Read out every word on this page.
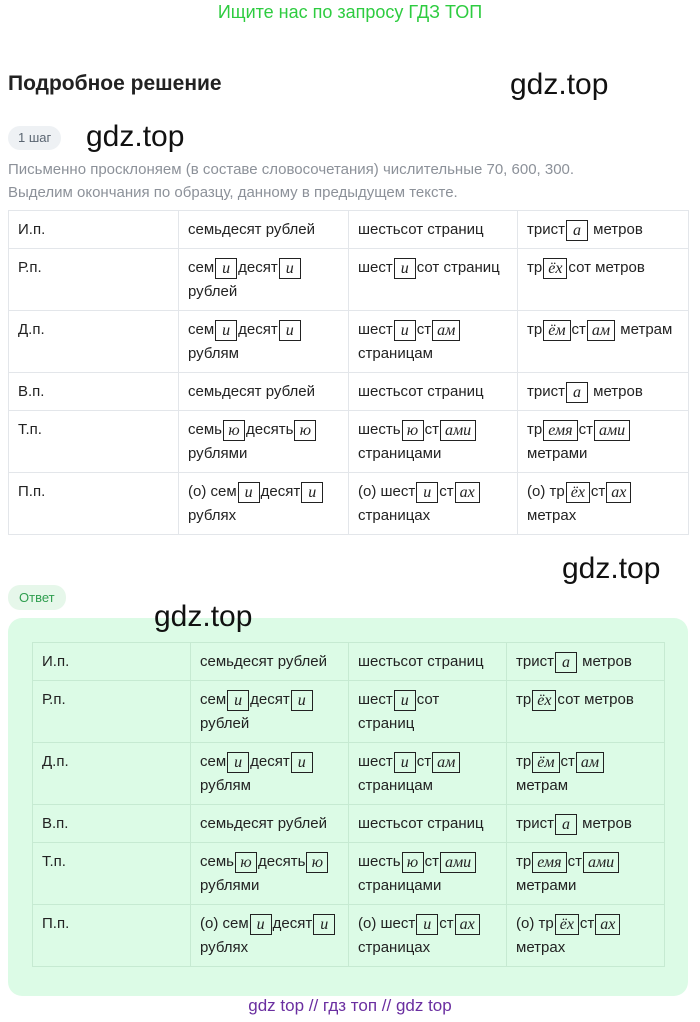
Ищите нас по запросу ГДЗ ТОП
Подробное решение	gdz.top
gdz.top
1 шаг
Письменно просклоняем (в составе словосочетания) числительные 70, 600, 300.
Выделим окончания по образцу, данному в предыдущем тексте.
И.п.	семьдесят рублей	шестьсот страниц	трист а метров
Р.п.	сем и десят и рублей	шест и сот страниц	тр ёх сот метров
Д.п.	сем и десят и рублям	шест и ст ам страницам	тр ём ст ам метрам
В.п.	семьдесят рублей	шестьсот страниц	трист а метров
Т.п.	семь ю десять ю рублями	шесть ю ст ами страницами	тр емя ст ами метрами
П.п.	(о) сем и десят и рублях	(о) шест и ст ах страницах	(о) тр ёх ст ах метрах
gdz.top
Ответ
gdz.top
И.п.	семьдесят рублей	шестьсот страниц	трист а метров
Р.п.	сем и десят и рублей	шест и сот страниц	тр ёх сот метров
Д.п.	сем и десят и рублям	шест и ст ам страницам	тр ём ст ам метрам
В.п.	семьдесят рублей	шестьсот страниц	трист а метров
Т.п.	семь ю десять ю рублями	шесть ю ст ами страницами	тр емя ст ами метрами
П.п.	(о) сем и десят и рублях	(о) шест и ст ах страницах	(о) тр ёх ст ах метрах
gdz top // гдз топ // gdz top
